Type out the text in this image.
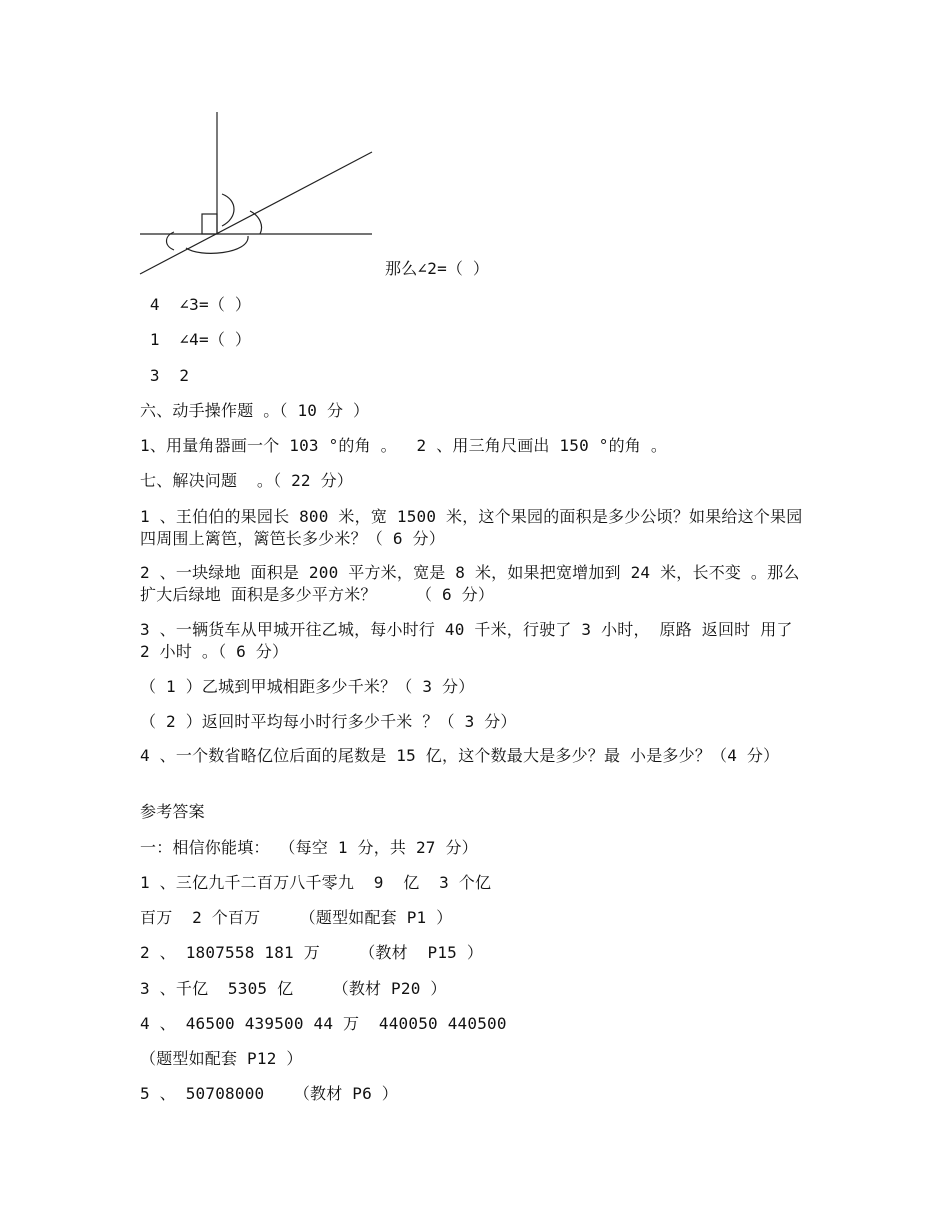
那么∠2=（ ）
4  ∠3=（ ）
1  ∠4=（ ）
3  2
六、动手操作题 。（ 10 分 ）
1、用量角器画一个 103 °的角 。  2 、用三角尺画出 150 °的角 。
七、解决问题  。（ 22 分）
1 、王伯伯的果园长 800 米，宽 1500 米，这个果园的面积是多少公顷？如果给这个果园四周围上篱笆，篱笆长多少米？（ 6 分）
2 、一块绿地 面积是 200 平方米，宽是 8 米，如果把宽增加到 24 米，长不变 。那么扩大后绿地 面积是多少平方米？    （ 6 分）
3 、一辆货车从甲城开往乙城，每小时行 40 千米，行驶了 3 小时， 原路 返回时 用了 2 小时 。（ 6 分）
（ 1 ）乙城到甲城相距多少千米？（ 3 分）
（ 2 ）返回时平均每小时行多少千米 ？（ 3 分）
4 、一个数省略亿位后面的尾数是 15 亿，这个数最大是多少？最 小是多少？（4 分）
参考答案
一：相信你能填： （每空 1 分，共 27 分）
1 、三亿九千二百万八千零九  9  亿  3 个亿
百万  2 个百万    （题型如配套 P1 ）
2 、 1807558 181 万    （教材  P15 ）
3 、千亿  5305 亿    （教材 P20 ）
4 、 46500 439500 44 万  440050 440500
（题型如配套 P12 ）
5 、 50708000   （教材 P6 ）
